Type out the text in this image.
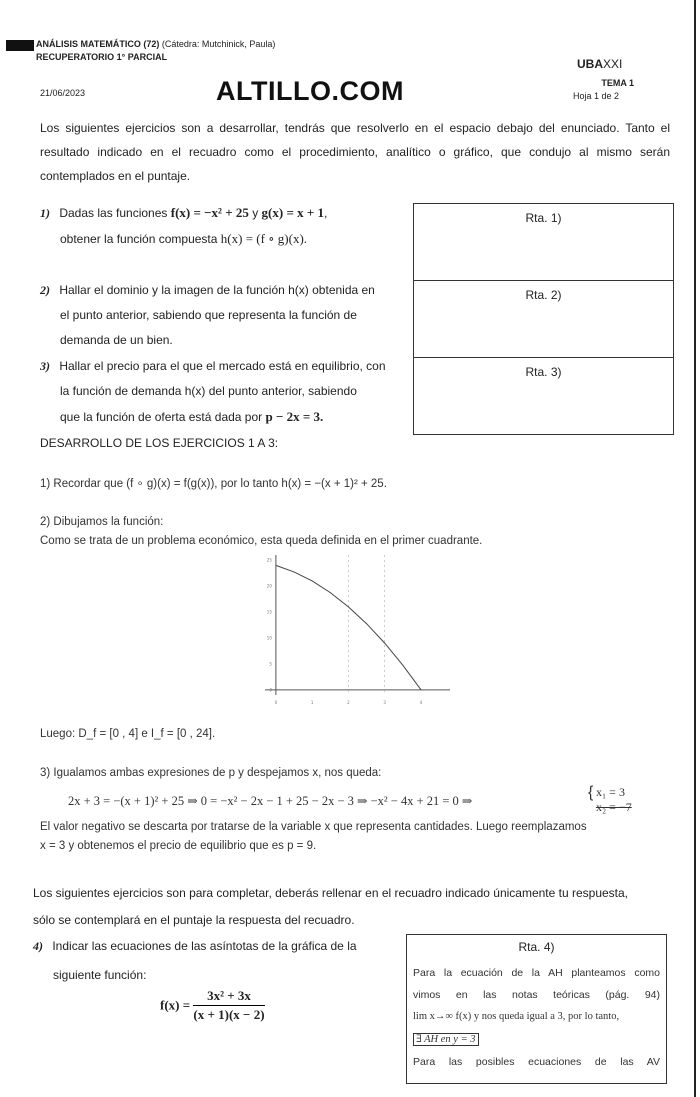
ANÁLISIS MATEMÁTICO (72) (Cátedra: Mutchinick, Paula)
RECUPERATORIO 1° PARCIAL	UBAXXI
TEMA 1
Hoja 1 de 2
21/06/2023	ALTILLO.COM
Los siguientes ejercicios son a desarrollar, tendrás que resolverlo en el espacio debajo del enunciado. Tanto el resultado indicado en el recuadro como el procedimiento, analítico o gráfico, que condujo al mismo serán contemplados en el puntaje.
1) Dadas las funciones f(x) = −x² + 25 y g(x) = x + 1,
obtener la función compuesta h(x) = (f ∘ g)(x).
2) Hallar el dominio y la imagen de la función h(x) obtenida en
el punto anterior, sabiendo que representa la función de
demanda de un bien.
3) Hallar el precio para el que el mercado está en equilibrio, con
la función de demanda h(x) del punto anterior, sabiendo
que la función de oferta está dada por p − 2x = 3.
Rta. 1)
Rta. 2)
Rta. 3)
DESARROLLO DE LOS EJERCICIOS 1 A 3:
1) Recordar que (f ∘ g)(x) = f(g(x)), por lo tanto h(x) = −(x + 1)² + 25.
2) Dibujamos la función:
Como se trata de un problema económico, esta queda definida en el primer cuadrante.
0	1	2	3	4
0
5
10
15
20
25
Luego: D_f = [0 , 4] e I_f = [0 , 24].
3) Igualamos ambas expresiones de p y despejamos x, nos queda:
2x + 3 = −(x + 1)² + 25 ⇒ 0 = −x² − 2x − 1 + 25 − 2x − 3 ⇒ −x² − 4x + 21 = 0 ⇒	{ x₁ = 3
x₂ = −7
El valor negativo se descarta por tratarse de la variable x que representa cantidades. Luego reemplazamos
x = 3 y obtenemos el precio de equilibrio que es p = 9.
Los siguientes ejercicios son para completar, deberás rellenar en el recuadro indicado únicamente tu respuesta,
sólo se contemplará en el puntaje la respuesta del recuadro.
4) Indicar las ecuaciones de las asíntotas de la gráfica de la
siguiente función:
$f(x) = \frac{\text{3x² + 3x}}{(x + 1)(x - 2)}$
Rta. 4)

Para la ecuación de la AH planteamos como

vimos en las notas teóricas (pág. 94)

lim x→∞ f(x) y nos queda igual a 3, por lo tanto,

∃ AH en y = 3

Para las posibles ecuaciones de las AV
